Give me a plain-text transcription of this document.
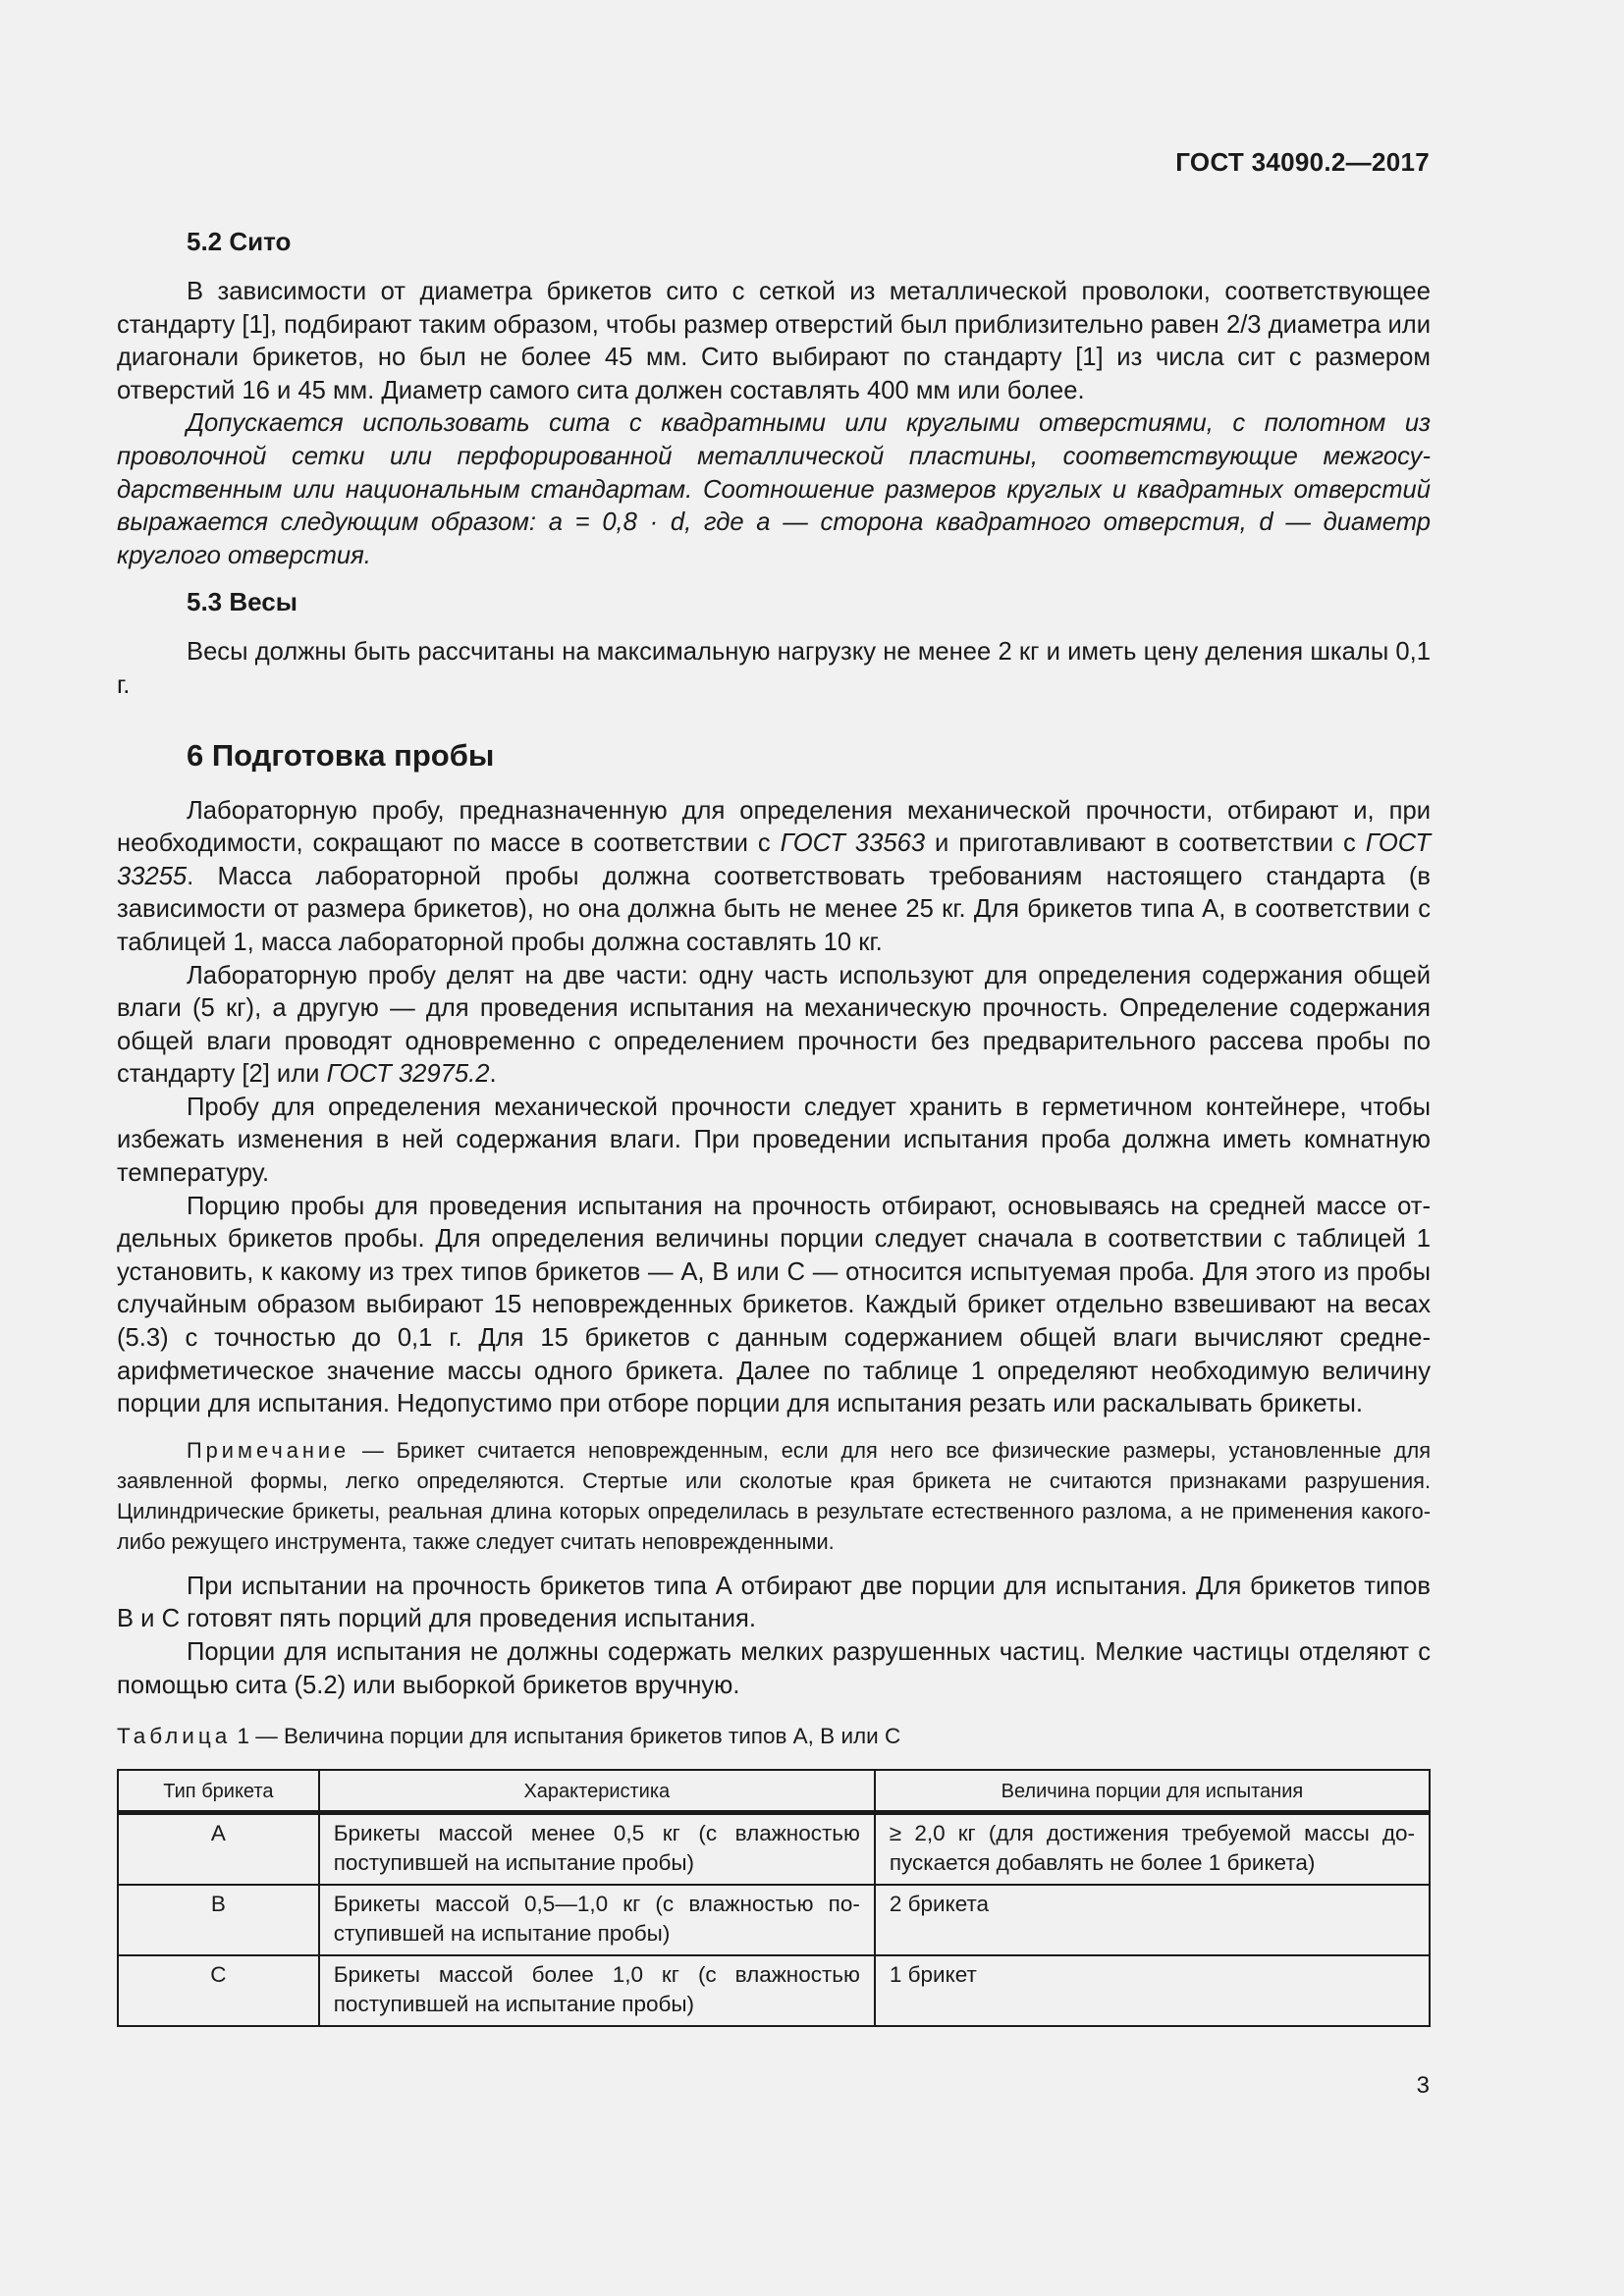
ГОСТ 34090.2—2017
5.2 Сито

В зависимости от диаметра брикетов сито с сеткой из металлической проволоки, соответствующее стандарту [1], подбирают таким образом, чтобы размер отверстий был приблизительно равен 2/3 диаметра или диагонали брикетов, но был не более 45 мм. Сито выбирают по стандарту [1] из числа сит с размером отверстий 16 и 45 мм. Диаметр самого сита должен составлять 400 мм или более.

Допускается использовать сита с квадратными или круглыми отверстиями, с полотном из проволочной сетки или перфорированной металлической пластины, соответствующие межгосударственным или национальным стандартам. Соотношение размеров круглых и квадратных отверстий выражается следующим образом: a = 0,8 · d, где a — сторона квадратного отверстия, d — диаметр круглого отверстия.

5.3 Весы

Весы должны быть рассчитаны на максимальную нагрузку не менее 2 кг и иметь цену деления шкалы 0,1 г.

6 Подготовка пробы

Лабораторную пробу, предназначенную для определения механической прочности, отбирают и, при необходимости, сокращают по массе в соответствии с ГОСТ 33563 и приготавливают в соответствии с ГОСТ 33255. Масса лабораторной пробы должна соответствовать требованиям настоящего стандарта (в зависимости от размера брикетов), но она должна быть не менее 25 кг. Для брикетов типа А, в соответствии с таблицей 1, масса лабораторной пробы должна составлять 10 кг.

Лабораторную пробу делят на две части: одну часть используют для определения содержания общей влаги (5 кг), а другую — для проведения испытания на механическую прочность. Определение содержания общей влаги проводят одновременно с определением прочности без предварительного рассева пробы по стандарту [2] или ГОСТ 32975.2.

Пробу для определения механической прочности следует хранить в герметичном контейнере, чтобы избежать изменения в ней содержания влаги. При проведении испытания проба должна иметь комнатную температуру.

Порцию пробы для проведения испытания на прочность отбирают, основываясь на средней массе отдельных брикетов пробы. Для определения величины порции следует сначала в соответствии с таблицей 1 установить, к какому из трех типов брикетов — А, В или С — относится испытуемая проба. Для этого из пробы случайным образом выбирают 15 неповрежденных брикетов. Каждый брикет отдельно взвешивают на весах (5.3) с точностью до 0,1 г. Для 15 брикетов с данным содержанием общей влаги вычисляют среднеарифметическое значение массы одного брикета. Далее по таблице 1 определяют необходимую величину порции для испытания. Недопустимо при отборе порции для испытания резать или раскалывать брикеты.

Примечание — Брикет считается неповрежденным, если для него все физические размеры, установленные для заявленной формы, легко определяются. Стертые или сколотые края брикета не считаются признаками разрушения. Цилиндрические брикеты, реальная длина которых определилась в результате естественного разлома, а не применения какого-либо режущего инструмента, также следует считать неповрежденными.

При испытании на прочность брикетов типа А отбирают две порции для испытания. Для брикетов типов В и С готовят пять порций для проведения испытания.

Порции для испытания не должны содержать мелких разрушенных частиц. Мелкие частицы отделяют с помощью сита (5.2) или выборкой брикетов вручную.

Таблица 1 — Величина порции для испытания брикетов типов А, В или С
Тип брикета	Характеристика	Величина порции для испытания
А	Брикеты массой менее 0,5 кг (с влажностью поступившей на испытание пробы)	≥ 2,0 кг (для достижения требуемой массы допускается добавлять не более 1 брикета)
В	Брикеты массой 0,5—1,0 кг (с влажностью поступившей на испытание пробы)	2 брикета
С	Брикеты массой более 1,0 кг (с влажностью поступившей на испытание пробы)	1 брикет
3
